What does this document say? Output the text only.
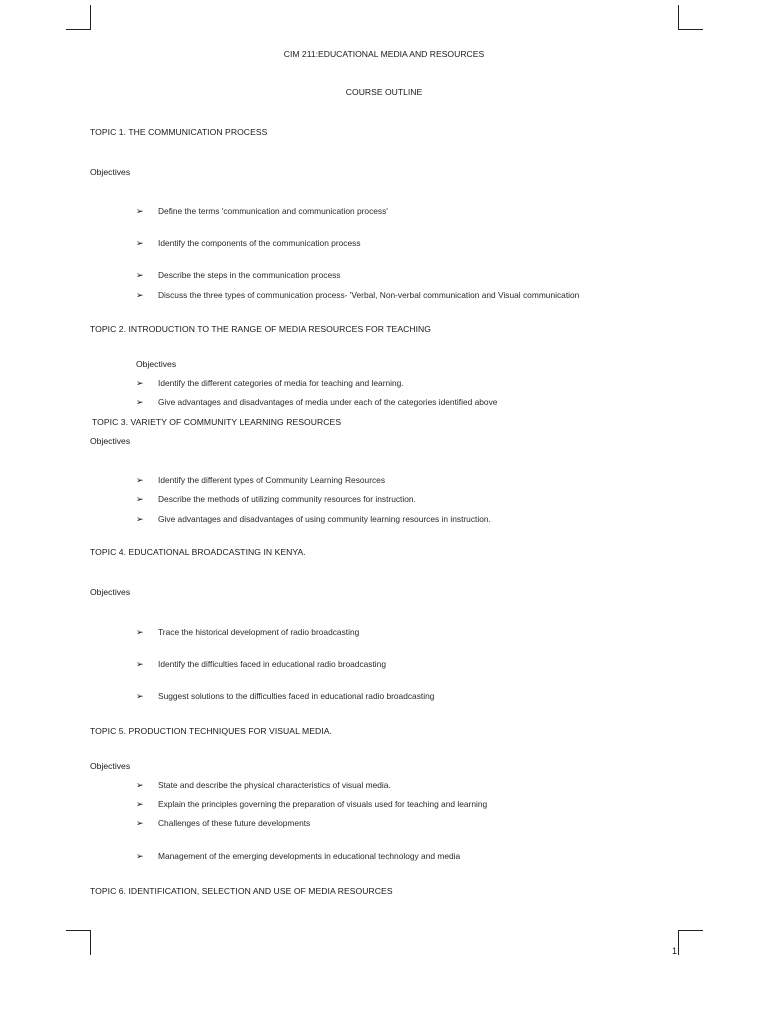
CIM 211:EDUCATIONAL MEDIA AND RESOURCES
COURSE OUTLINE
TOPIC 1. THE COMMUNICATION PROCESS
Objectives
➢ Define the terms 'communication and communication process'
➢ Identify the components of the communication process
➢ Describe the steps in the communication process
➢ Discuss the three types of communication process- 'Verbal, Non-verbal communication and Visual communication
TOPIC 2. INTRODUCTION TO THE RANGE OF MEDIA RESOURCES FOR TEACHING
Objectives
➢ Identify the different categories of media for teaching and learning.
➢ Give advantages and disadvantages of media under each of the categories identified above
TOPIC 3. VARIETY OF COMMUNITY LEARNING RESOURCES
Objectives
➢ Identify the different types of Community Learning Resources
➢ Describe the methods of utilizing community resources for instruction.
➢ Give advantages and disadvantages of using community learning resources in instruction.
TOPIC 4. EDUCATIONAL BROADCASTING IN KENYA.
Objectives
➢ Trace the historical development of radio broadcasting
➢ Identify the difficulties faced in educational radio broadcasting
➢ Suggest solutions to the difficulties faced in educational radio broadcasting
TOPIC 5. PRODUCTION TECHNIQUES FOR VISUAL MEDIA.
Objectives
➢ State and describe the physical characteristics of visual media.
➢ Explain the principles governing the preparation of visuals used for teaching and learning
➢ Challenges of these future developments
➢ Management of the emerging developments in educational technology and media
TOPIC 6. IDENTIFICATION, SELECTION AND USE OF MEDIA RESOURCES
1
